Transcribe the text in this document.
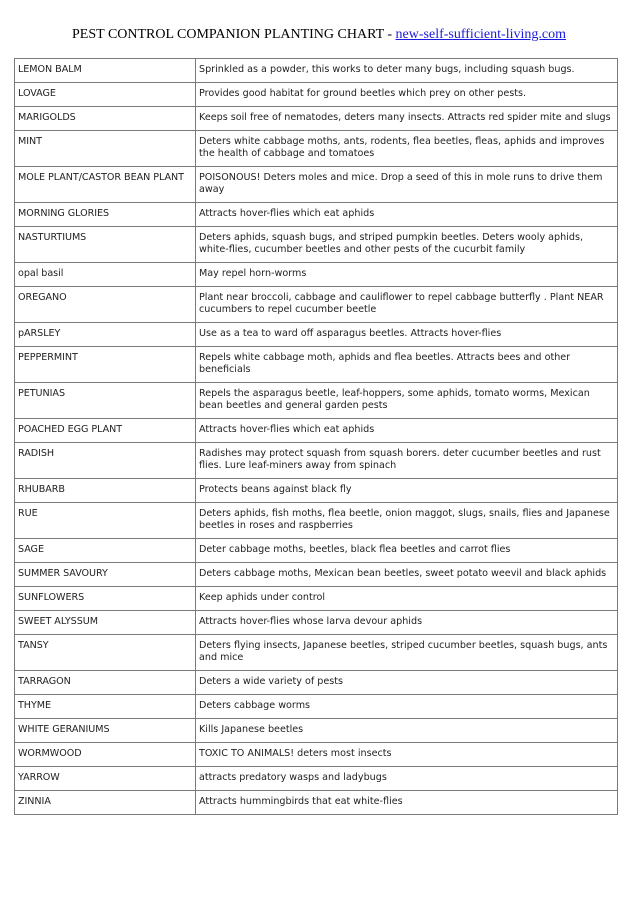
PEST CONTROL COMPANION PLANTING CHART - new-self-sufficient-living.com
LEMON BALM	Sprinkled as a powder, this works to deter many bugs, including squash bugs.
LOVAGE	Provides good habitat for ground beetles which prey on other pests.
MARIGOLDS	Keeps soil free of nematodes, deters many insects. Attracts red spider mite and slugs
MINT	Deters white cabbage moths, ants, rodents, flea beetles, fleas, aphids and improves the health of cabbage and tomatoes
MOLE PLANT/CASTOR BEAN PLANT	POISONOUS! Deters moles and mice. Drop a seed of this in mole runs to drive them away
MORNING GLORIES	Attracts hover-flies which eat aphids
NASTURTIUMS	Deters aphids, squash bugs, and striped pumpkin beetles. Deters wooly aphids, white-flies, cucumber beetles and other pests of the cucurbit family
opal basil	May repel horn-worms
OREGANO	Plant near broccoli, cabbage and cauliflower to repel cabbage butterfly . Plant NEAR cucumbers to repel cucumber beetle
pARSLEY	Use as a tea to ward off asparagus beetles. Attracts hover-flies
PEPPERMINT	Repels white cabbage moth, aphids and flea beetles. Attracts bees and other beneficials
PETUNIAS	Repels the asparagus beetle, leaf-hoppers, some aphids, tomato worms, Mexican bean beetles and general garden pests
POACHED EGG PLANT	Attracts hover-flies which eat aphids
RADISH	Radishes may protect squash from squash borers. deter cucumber beetles and rust flies. Lure leaf-miners away from spinach
RHUBARB	Protects beans against black fly
RUE	Deters aphids, fish moths, flea beetle, onion maggot, slugs, snails, flies and Japanese beetles in roses and raspberries
SAGE	Deter cabbage moths, beetles, black flea beetles and carrot flies
SUMMER SAVOURY	Deters cabbage moths, Mexican bean beetles, sweet potato weevil and black aphids
SUNFLOWERS	Keep aphids under control
SWEET ALYSSUM	Attracts hover-flies whose larva devour aphids
TANSY	Deters flying insects, Japanese beetles, striped cucumber beetles, squash bugs, ants and mice
TARRAGON	Deters a wide variety of pests
THYME	Deters cabbage worms
WHITE GERANIUMS	Kills Japanese beetles
WORMWOOD	TOXIC TO ANIMALS! deters most insects
YARROW	attracts predatory wasps and ladybugs
ZINNIA	Attracts hummingbirds that eat white-flies
